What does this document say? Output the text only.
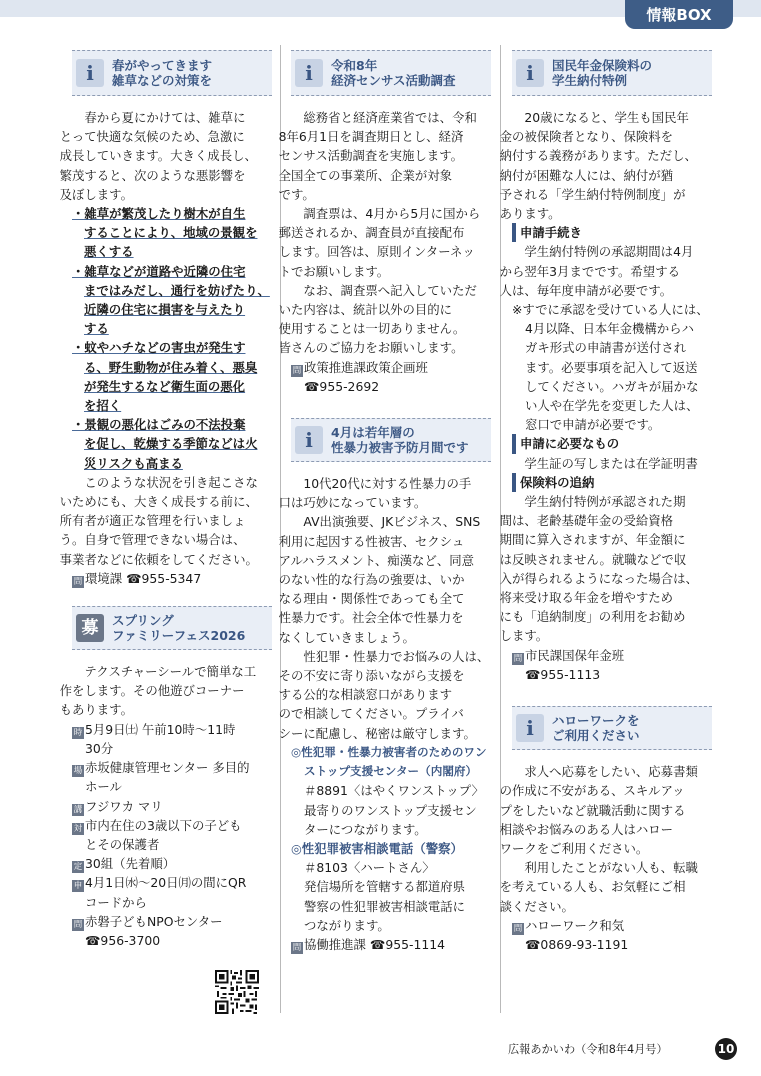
情報BOX
i	春がやってきます
雑草などの対策を
春から夏にかけては、雑草に
とって快適な気候のため、急激に
成長していきます。大きく成長し、
繁茂すると、次のような悪影響を
及ぼします。
・雑草が繁茂したり樹木が自生
することにより、地域の景観を
悪くする
・雑草などが道路や近隣の住宅
まではみだし、通行を妨げたり、
近隣の住宅に損害を与えたり
する
・蚊やハチなどの害虫が発生す
る、野生動物が住み着く、悪臭
が発生するなど衛生面の悪化
を招く
・景観の悪化はごみの不法投棄
を促し、乾燥する季節などは火
災リスクも高まる
このような状況を引き起こさな
いためにも、大きく成長する前に、
所有者が適正な管理を行いましょ
う。自身で管理できない場合は、
事業者などに依頼をしてください。
問 環境課 ☎955-5347
募	スプリング
ファミリーフェス2026
テクスチャーシールで簡単な工
作をします。その他遊びコーナー
もあります。
時 5月9日㈯ 午前10時～11時
30分
場 赤坂健康管理センター 多目的
ホール
講 フジワカ マリ
対 市内在住の3歳以下の子ども
とその保護者
定 30組（先着順）
申 4月1日㈬～20日㈪の間にQR
コードから
問 赤磐子どもNPOセンター
☎956-3700
i	令和8年
経済センサス活動調査
総務省と経済産業省では、令和
8年6月1日を調査期日とし、経済
センサス活動調査を実施します。
全国全ての事業所、企業が対象
です。
調査票は、4月から5月に国から
郵送されるか、調査員が直接配布
します。回答は、原則インターネッ
トでお願いします。
なお、調査票へ記入していただ
いた内容は、統計以外の目的に
使用することは一切ありません。
皆さんのご協力をお願いします。
問 政策推進課政策企画班
☎955-2692
i	4月は若年層の
性暴力被害予防月間です
10代20代に対する性暴力の手
口は巧妙になっています。
AV出演強要、JKビジネス、SNS
利用に起因する性被害、セクシュ
アルハラスメント、痴漢など、同意
のない性的な行為の強要は、いか
なる理由・関係性であっても全て
性暴力です。社会全体で性暴力を
なくしていきましょう。
性犯罪・性暴力でお悩みの人は、
その不安に寄り添いながら支援を
する公的な相談窓口があります
ので相談してください。プライバ
シーに配慮し、秘密は厳守します。
◎性犯罪・性暴力被害者のためのワン
ストップ支援センター（内閣府）
＃8891〈はやくワンストップ〉
最寄りのワンストップ支援セン
ターにつながります。
◎性犯罪被害相談電話（警察）
＃8103〈ハートさん〉
発信場所を管轄する都道府県
警察の性犯罪被害相談電話に
つながります。
問 協働推進課 ☎955-1114
i	国民年金保険料の
学生納付特例
20歳になると、学生も国民年
金の被保険者となり、保険料を
納付する義務があります。ただし、
納付が困難な人には、納付が猶
予される「学生納付特例制度」が
あります。
申請手続き
学生納付特例の承認期間は4月
から翌年3月までです。希望する
人は、毎年度申請が必要です。
※すでに承認を受けている人には、
4月以降、日本年金機構からハ
ガキ形式の申請書が送付され
ます。必要事項を記入して返送
してください。ハガキが届かな
い人や在学先を変更した人は、
窓口で申請が必要です。
申請に必要なもの
学生証の写しまたは在学証明書
保険料の追納
学生納付特例が承認された期
間は、老齢基礎年金の受給資格
期間に算入されますが、年金額に
は反映されません。就職などで収
入が得られるようになった場合は、
将来受け取る年金を増やすため
にも「追納制度」の利用をお勧め
します。
問 市民課国保年金班
☎955-1113
i	ハローワークを
ご利用ください
求人へ応募をしたい、応募書類
の作成に不安がある、スキルアッ
プをしたいなど就職活動に関する
相談やお悩みのある人はハロー
ワークをご利用ください。
利用したことがない人も、転職
を考えている人も、お気軽にご相
談ください。
問 ハローワーク和気
☎0869-93-1191
広報あかいわ（令和8年4月号）	10
